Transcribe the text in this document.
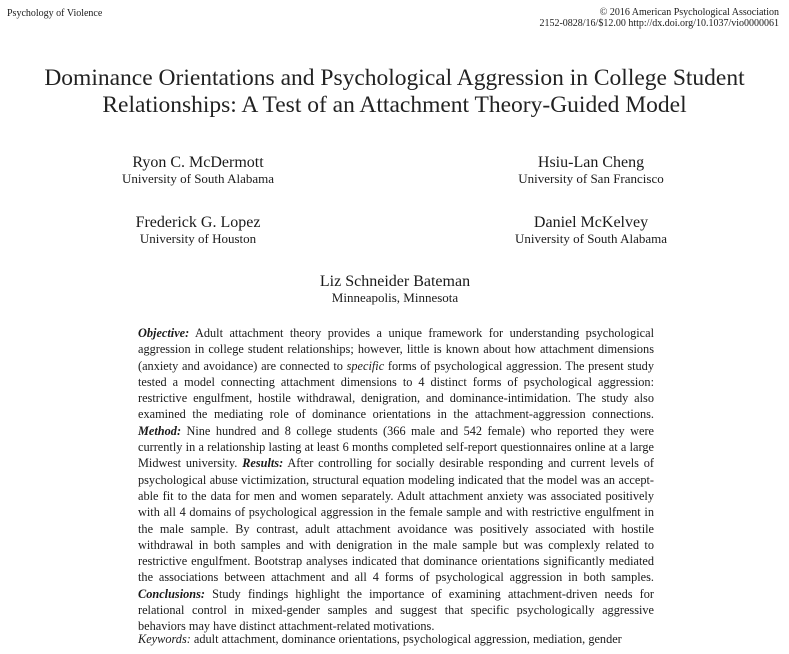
Psychology of Violence	© 2016 American Psychological Association
2152-0828/16/$12.00 http://dx.doi.org/10.1037/vio0000061
Dominance Orientations and Psychological Aggression in College Student
Relationships: A Test of an Attachment Theory-Guided Model
Ryon C. McDermott
University of South Alabama
Hsiu-Lan Cheng
University of San Francisco
Frederick G. Lopez
University of Houston
Daniel McKelvey
University of South Alabama
Liz Schneider Bateman
Minneapolis, Minnesota
Objective: Adult attachment theory provides a unique framework for understanding psychological aggression in college student relationships; however, little is known about how attachment dimensions (anxiety and avoidance) are connected to specific forms of psychological aggression. The present study tested a model connecting attachment dimensions to 4 distinct forms of psychological aggression: restrictive engulfment, hostile withdrawal, denigration, and dominance-intimidation. The study also examined the mediating role of dominance orientations in the attachment-aggression connections. Method: Nine hundred and 8 college students (366 male and 542 female) who reported they were currently in a relationship lasting at least 6 months completed self-report questionnaires online at a large Midwest university. Results: After controlling for socially desirable responding and current levels of psychological abuse victimization, structural equation modeling indicated that the model was an accept-able fit to the data for men and women separately. Adult attachment anxiety was associated positively with all 4 domains of psychological aggression in the female sample and with restrictive engulfment in the male sample. By contrast, adult attachment avoidance was positively associated with hostile withdrawal in both samples and with denigration in the male sample but was complexly related to restrictive engulfment. Bootstrap analyses indicated that dominance orientations significantly mediated the associations between attachment and all 4 forms of psychological aggression in both samples. Conclusions: Study findings highlight the importance of examining attachment-driven needs for relational control in mixed-gender samples and suggest that specific psychologically aggressive behaviors may have distinct attachment-related motivations.
Keywords: adult attachment, dominance orientations, psychological aggression, mediation, gender
